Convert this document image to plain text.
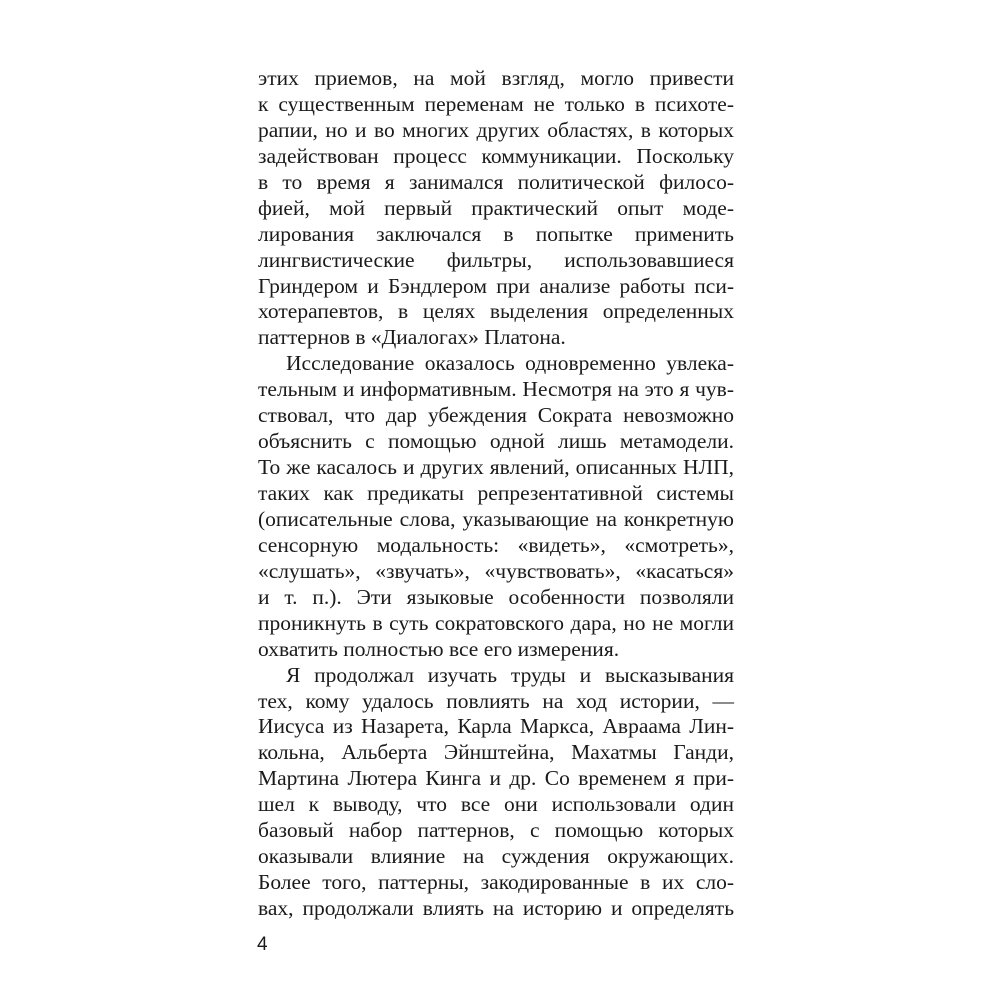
этих приемов, на мой взгляд, могло привести
к существенным переменам не только в психоте-
рапии, но и во многих других областях, в которых
задействован процесс коммуникации. Поскольку
в то время я занимался политической филосо-
фией, мой первый практический опыт моде-
лирования заключался в попытке применить
лингвистические фильтры, использовавшиеся
Гриндером и Бэндлером при анализе работы пси-
хотерапевтов, в целях выделения определенных
паттернов в «Диалогах» Платона.

Исследование оказалось одновременно увлека-
тельным и информативным. Несмотря на это я чув-
ствовал, что дар убеждения Сократа невозможно
объяснить с помощью одной лишь метамодели.
То же касалось и других явлений, описанных НЛП,
таких как предикаты репрезентативной системы
(описательные слова, указывающие на конкретную
сенсорную модальность: «видеть», «смотреть»,
«слушать», «звучать», «чувствовать», «касаться»
и т. п.). Эти языковые особенности позволяли
проникнуть в суть сократовского дара, но не могли
охватить полностью все его измерения.

Я продолжал изучать труды и высказывания
тех, кому удалось повлиять на ход истории, —
Иисуса из Назарета, Карла Маркса, Авраама Лин-
кольна, Альберта Эйнштейна, Махатмы Ганди,
Мартина Лютера Кинга и др. Со временем я при-
шел к выводу, что все они использовали один
базовый набор паттернов, с помощью которых
оказывали влияние на суждения окружающих.
Более того, паттерны, закодированные в их сло-
вах, продолжали влиять на историю и определять

4
